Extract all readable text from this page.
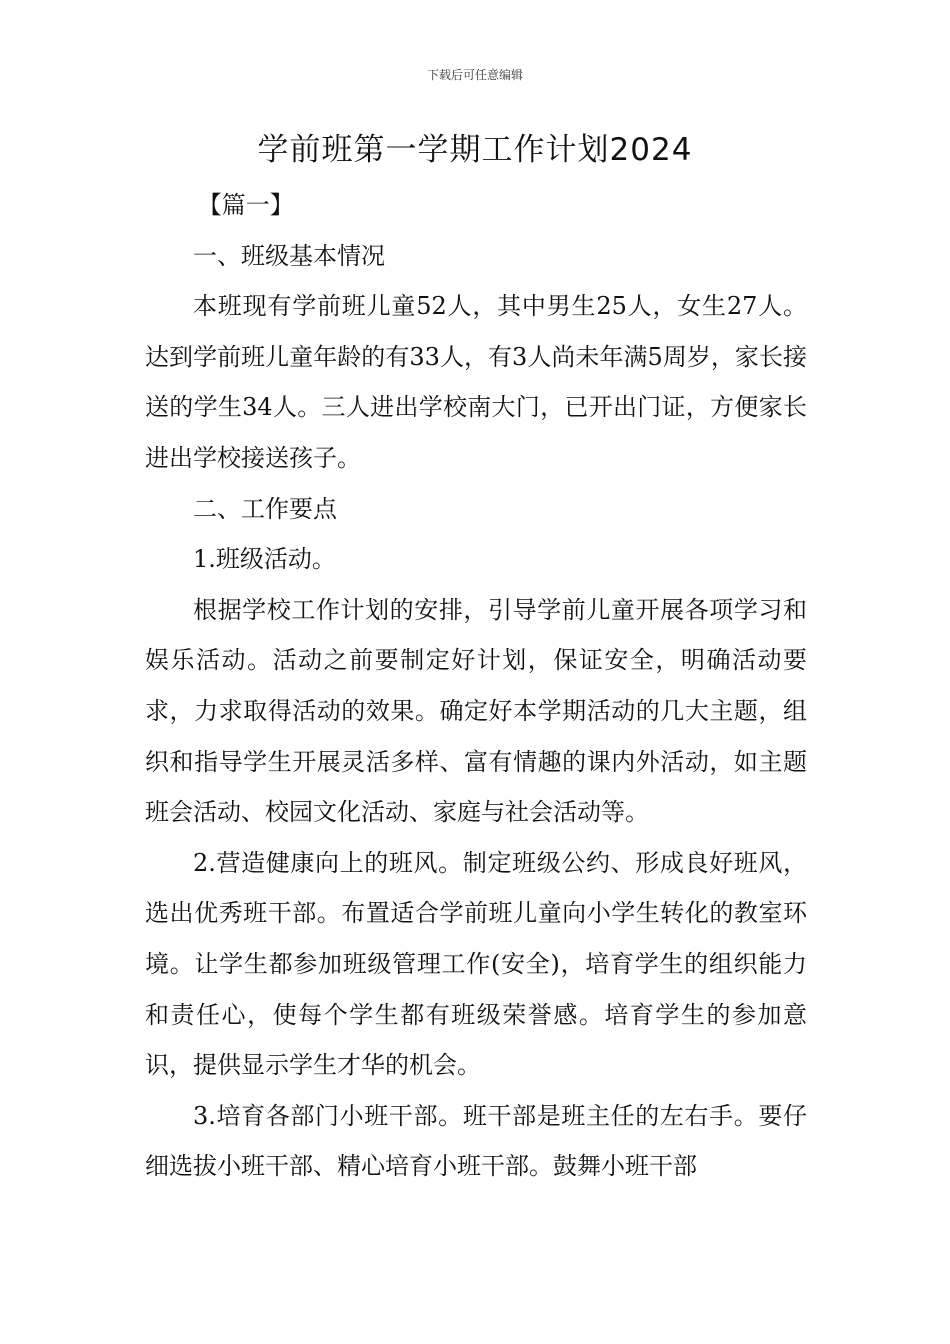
下载后可任意编辑
学前班第一学期工作计划2024

【篇一】

一、班级基本情况

本班现有学前班儿童52人，其中男生25人，女生27人。达到学前班儿童年龄的有33人，有3人尚未年满5周岁，家长接送的学生34人。三人进出学校南大门，已开出门证，方便家长进出学校接送孩子。

二、工作要点

1.班级活动。

根据学校工作计划的安排，引导学前儿童开展各项学习和娱乐活动。活动之前要制定好计划，保证安全，明确活动要求，力求取得活动的效果。确定好本学期活动的几大主题，组织和指导学生开展灵活多样、富有情趣的课内外活动，如主题班会活动、校园文化活动、家庭与社会活动等。

2.营造健康向上的班风。制定班级公约、形成良好班风，选出优秀班干部。布置适合学前班儿童向小学生转化的教室环境。让学生都参加班级管理工作(安全)，培育学生的组织能力和责任心，使每个学生都有班级荣誉感。培育学生的参加意识，提供显示学生才华的机会。

3.培育各部门小班干部。班干部是班主任的左右手。要仔细选拔小班干部、精心培育小班干部。鼓舞小班干部
